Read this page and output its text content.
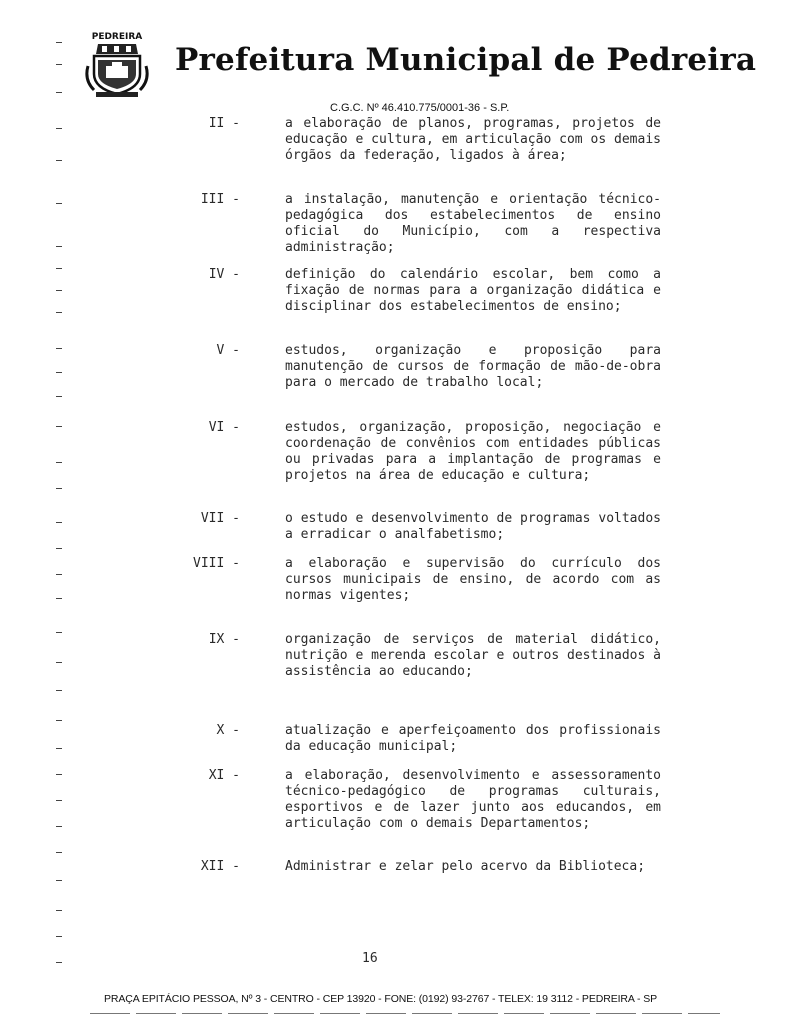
PEDREIRA
Prefeitura Municipal de Pedreira
C.G.C. Nº 46.410.775/0001-36 - S.P.
II -	a elaboração de planos, programas, projetos de educação e cultura, em articulação com os demais órgãos da federação, ligados à área;
III -	a instalação, manutenção e orientação técnico-pedagógica dos estabelecimentos de ensino oficial do Município, com a respectiva administração;
IV -	definição do calendário escolar, bem como a fixação de normas para a organização didática e disciplinar dos estabelecimentos de ensino;
V -	estudos, organização e proposição para manutenção de cursos de formação de mão-de-obra para o mercado de trabalho local;
VI -	estudos, organização, proposição, negociação e coordenação de convênios com entidades públicas ou privadas para a implantação de programas e projetos na área de educação e cultura;
VII -	o estudo e desenvolvimento de programas voltados a erradicar o analfabetismo;
VIII -	a elaboração e supervisão do currículo dos cursos municipais de ensino, de acordo com as normas vigentes;
IX -	organização de serviços de material didático, nutrição e merenda escolar e outros destinados à assistência ao educando;
X -	atualização e aperfeiçoamento dos profissionais da educação municipal;
XI -	a elaboração, desenvolvimento e assessoramento técnico-pedagógico de programas culturais, esportivos e de lazer junto aos educandos, em articulação com o demais Departamentos;
XII -	Administrar e zelar pelo acervo da Biblioteca;
16
PRAÇA EPITÁCIO PESSOA, Nº 3 - CENTRO - CEP 13920 - FONE: (0192) 93-2767 - TELEX: 19 3112 - PEDREIRA - SP
